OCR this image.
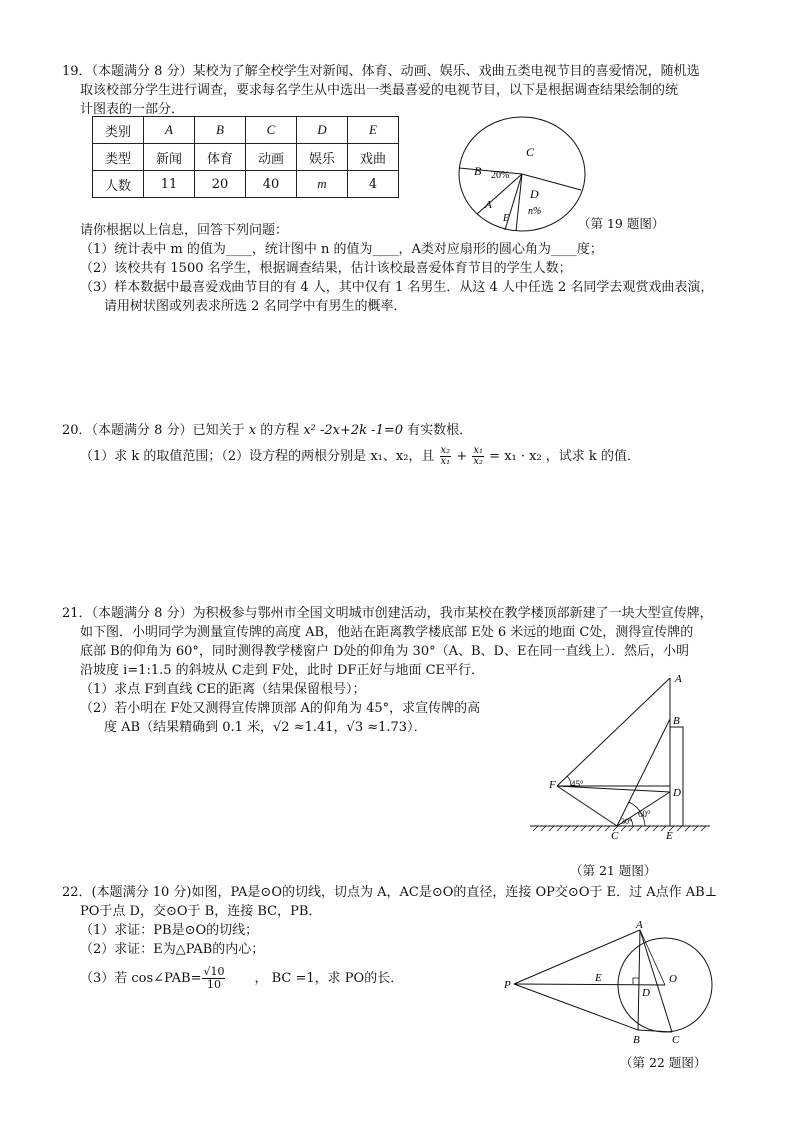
19．（本题满分 8 分）某校为了解全校学生对新闻、体育、动画、娱乐、戏曲五类电视节目的喜爱情况，随机选
取该校部分学生进行调查，要求每名学生从中选出一类最喜爱的电视节目，以下是根据调查结果绘制的统
计图表的一部分．
类别	A	B	C	D	E
类型	新闻	体育	动画	娱乐	戏曲
人数	11	20	40	m	4
C
B 20%
D
n%
A
E	（第 19 题图）
请你根据以上信息，回答下列问题：
（1）统计表中 m 的值为____，统计图中 n 的值为____，A类对应扇形的圆心角为____度；
（2）该校共有 1500 名学生，根据调查结果，估计该校最喜爱体育节目的学生人数；
（3）样本数据中最喜爱戏曲节目的有 4 人，其中仅有 1 名男生．从这 4 人中任选 2 名同学去观赏戏曲表演，
请用树状图或列表求所选 2 名同学中有男生的概率．
20．（本题满分 8 分）已知关于 x 的方程 x² -2x+2k -1=0 有实数根．
（1）求 k 的取值范围；（2）设方程的两根分别是 x₁、x₂，且 $\frac{\text{x₂}}{\text{x₁}} + \frac{\text{x₁}}{\text{x₂}} = x_1 \cdot x_2$ ，试求 k 的值．
21．（本题满分 8 分）为积极参与鄂州市全国文明城市创建活动，我市某校在教学楼顶部新建了一块大型宣传牌，
如下图．小明同学为测量宣传牌的高度 AB，他站在距离教学楼底部 E处 6 米远的地面 C处，测得宣传牌的
底部 B的仰角为 60°，同时测得教学楼窗户 D处的仰角为 30°（A、B、D、E在同一直线上）．然后，小明
沿坡度 i=1:1.5 的斜坡从 C走到 F处，此时 DF正好与地面 CE平行．
（1）求点 F到直线 CE的距离（结果保留根号）；
（2）若小明在 F处又测得宣传牌顶部 A的仰角为 45°，求宣传牌的高
度 AB（结果精确到 0.1 米，√2 ≈1.41，√3 ≈1.73）．
A
B
D
F
C	E
45°
60°
30°
（第 21 题图）
22．(本题满分 10 分)如图，PA是⊙O的切线，切点为 A，AC是⊙O的直径，连接 OP交⊙O于 E．过 A点作 AB⊥
PO于点 D，交⊙O于 B，连接 BC，PB．
（1）求证：PB是⊙O的切线；
（2）求证：E为△PAB的内心；
（3）若 cos∠PAB= $\frac{√10}{10}$ ， BC =1，求 PO的长．
A
B	C
D
E	O
P
（第 22 题图）
